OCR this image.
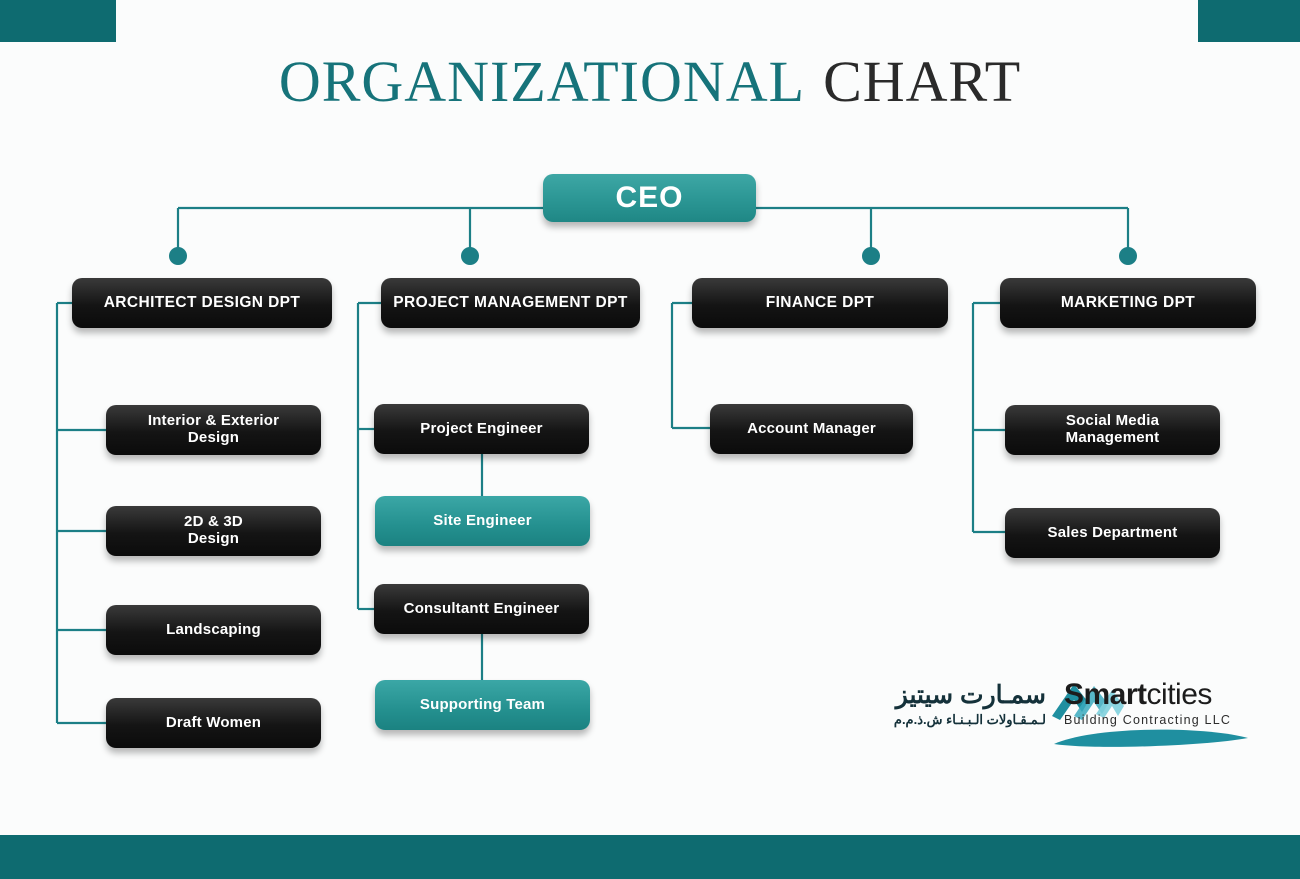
ORGANIZATIONAL CHART
CEO
ARCHITECT DESIGN DPT	PROJECT MANAGEMENT DPT	FINANCE DPT	MARKETING DPT
Interior & Exterior
Design
2D & 3D
Design
Landscaping
Draft Women
Project Engineer
Site Engineer
Consultantt Engineer
Supporting Team
Account Manager	Social Media
Management
Sales Department
سمـارت سيتيز
لـمـقـاولات الـبـنـاء ش.ذ.م.م
Smartcities
Building Contracting LLC
